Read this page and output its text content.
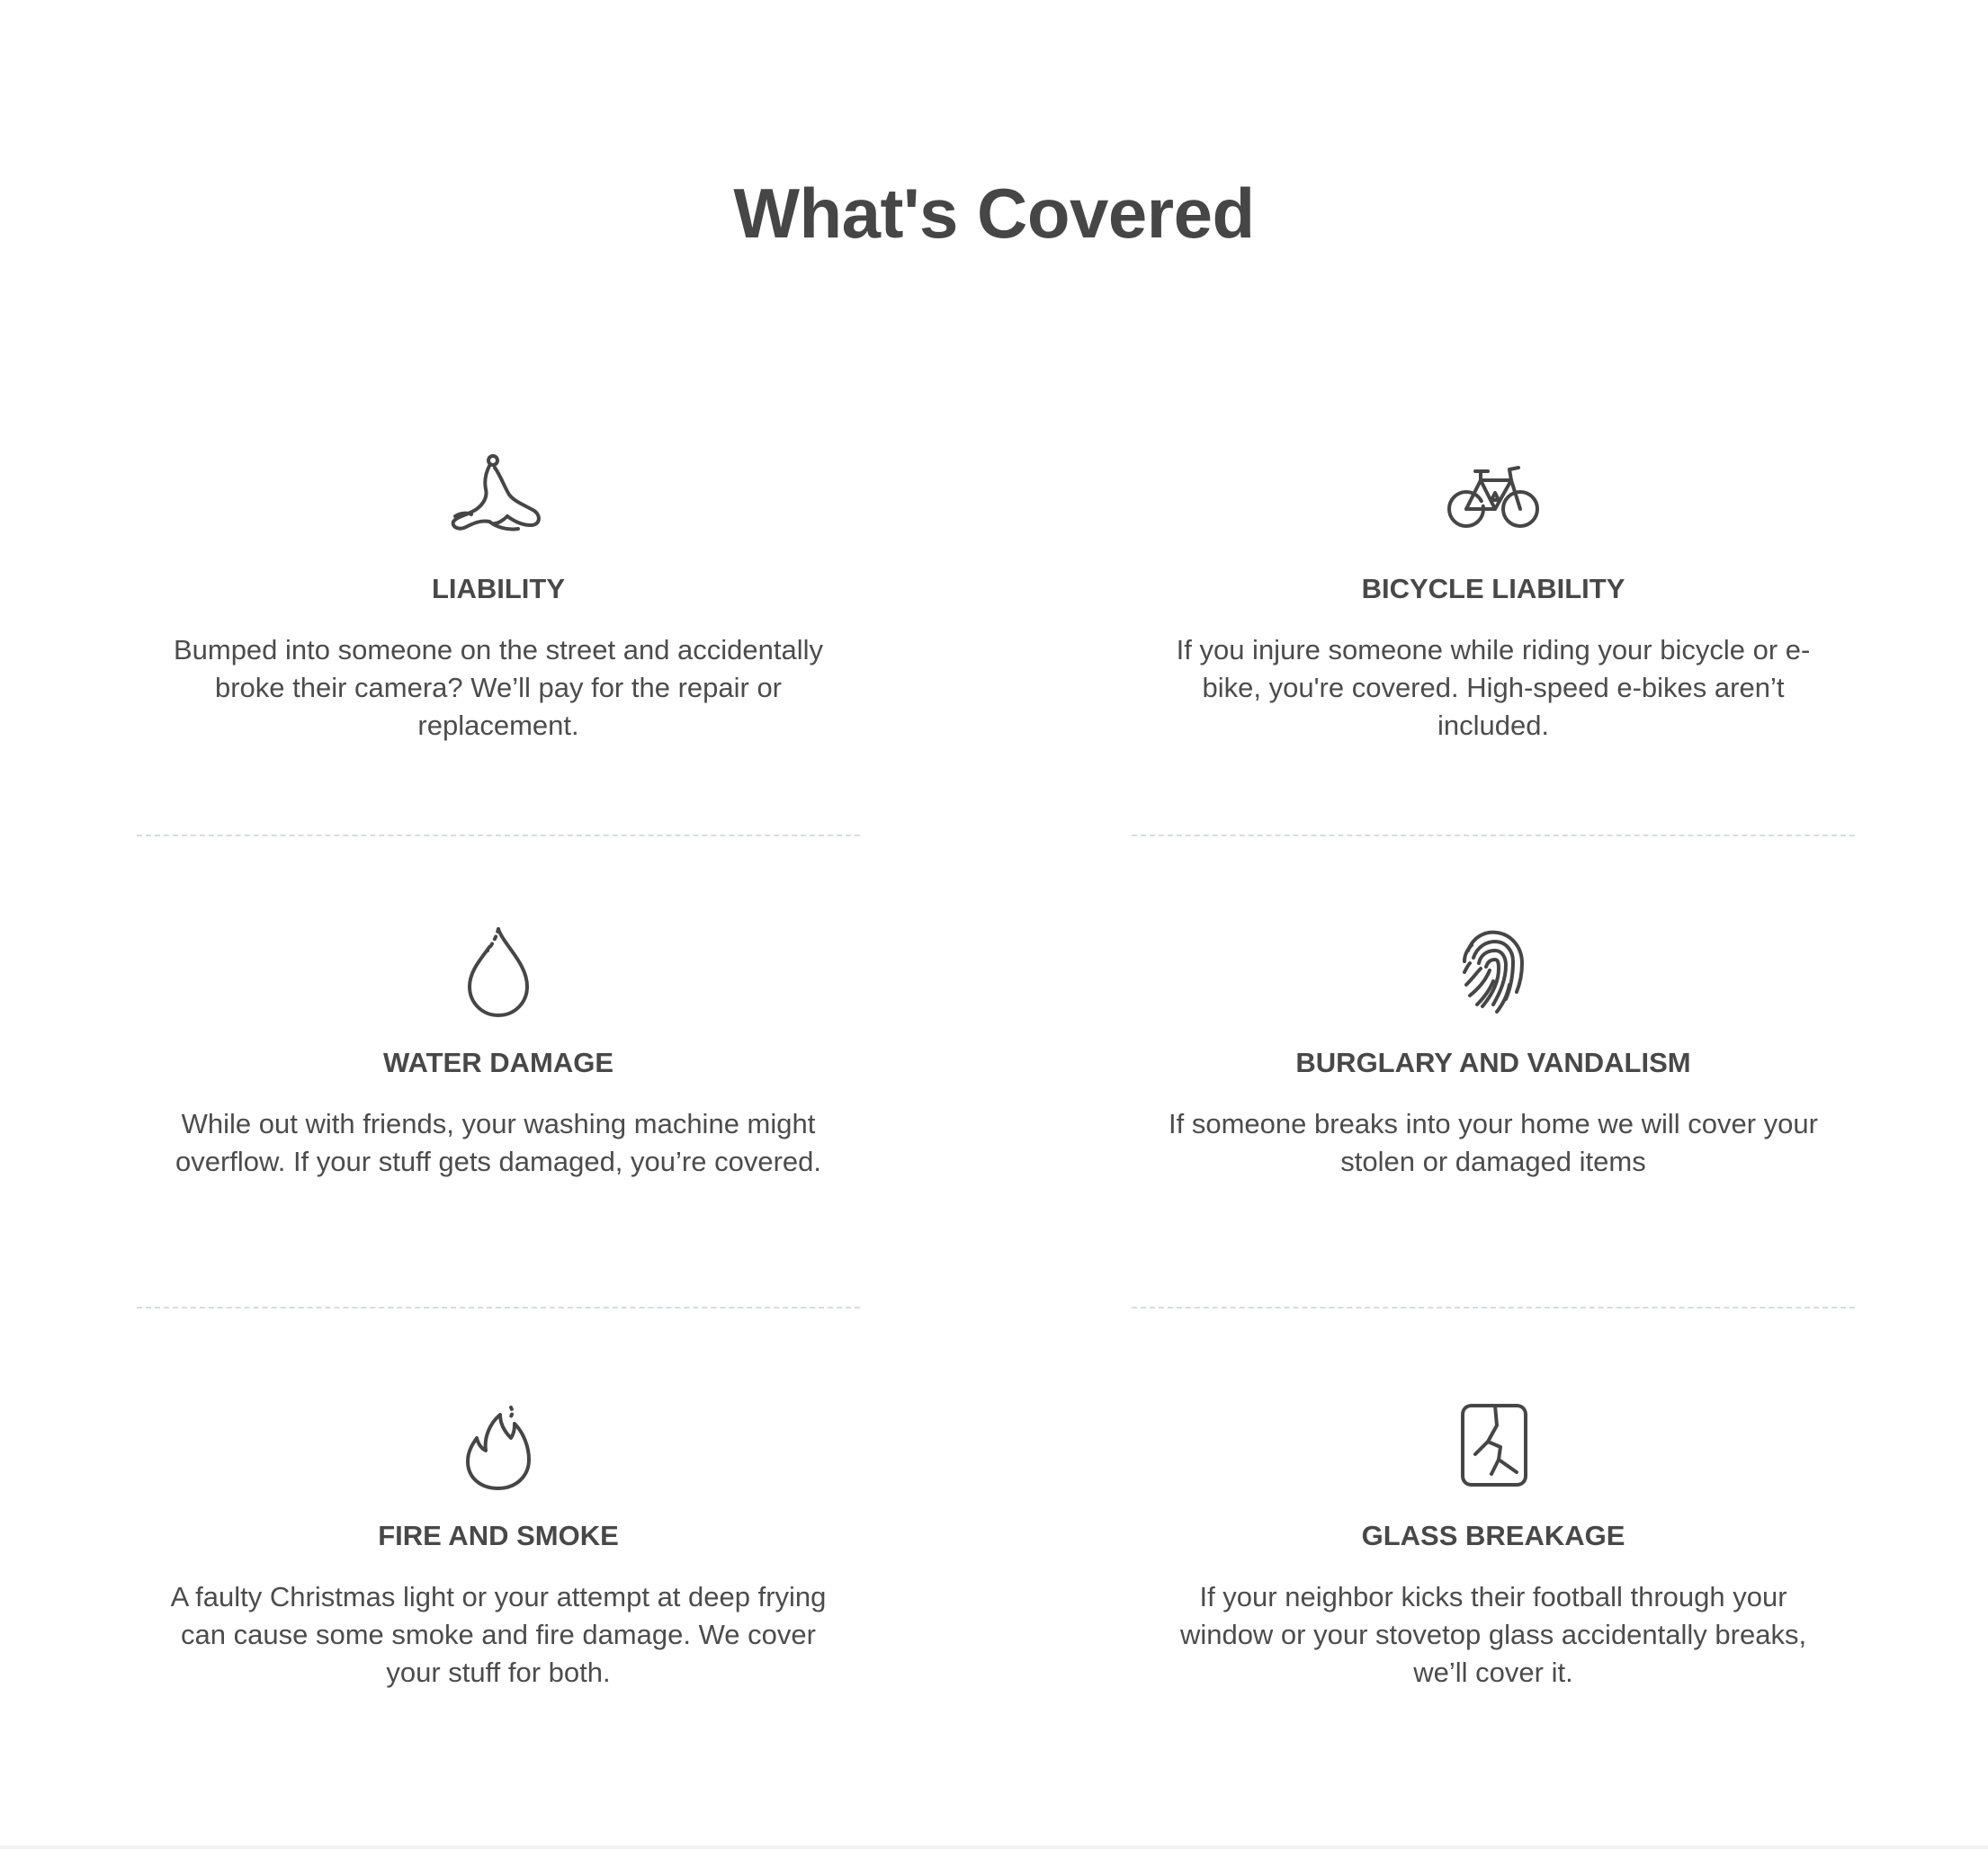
What's Covered
LIABILITY

Bumped into someone on the street and accidentally broke their camera? We’ll pay for the repair or replacement.

BICYCLE LIABILITY

If you injure someone while riding your bicycle or e-bike, you're covered. High-speed e-bikes aren’t included.

WATER DAMAGE

While out with friends, your washing machine might overflow. If your stuff gets damaged, you’re covered.

BURGLARY AND VANDALISM

If someone breaks into your home we will cover your stolen or damaged items

FIRE AND SMOKE

A faulty Christmas light or your attempt at deep frying can cause some smoke and fire damage. We cover your stuff for both.

GLASS BREAKAGE

If your neighbor kicks their football through your window or your stovetop glass accidentally breaks, we’ll cover it.
